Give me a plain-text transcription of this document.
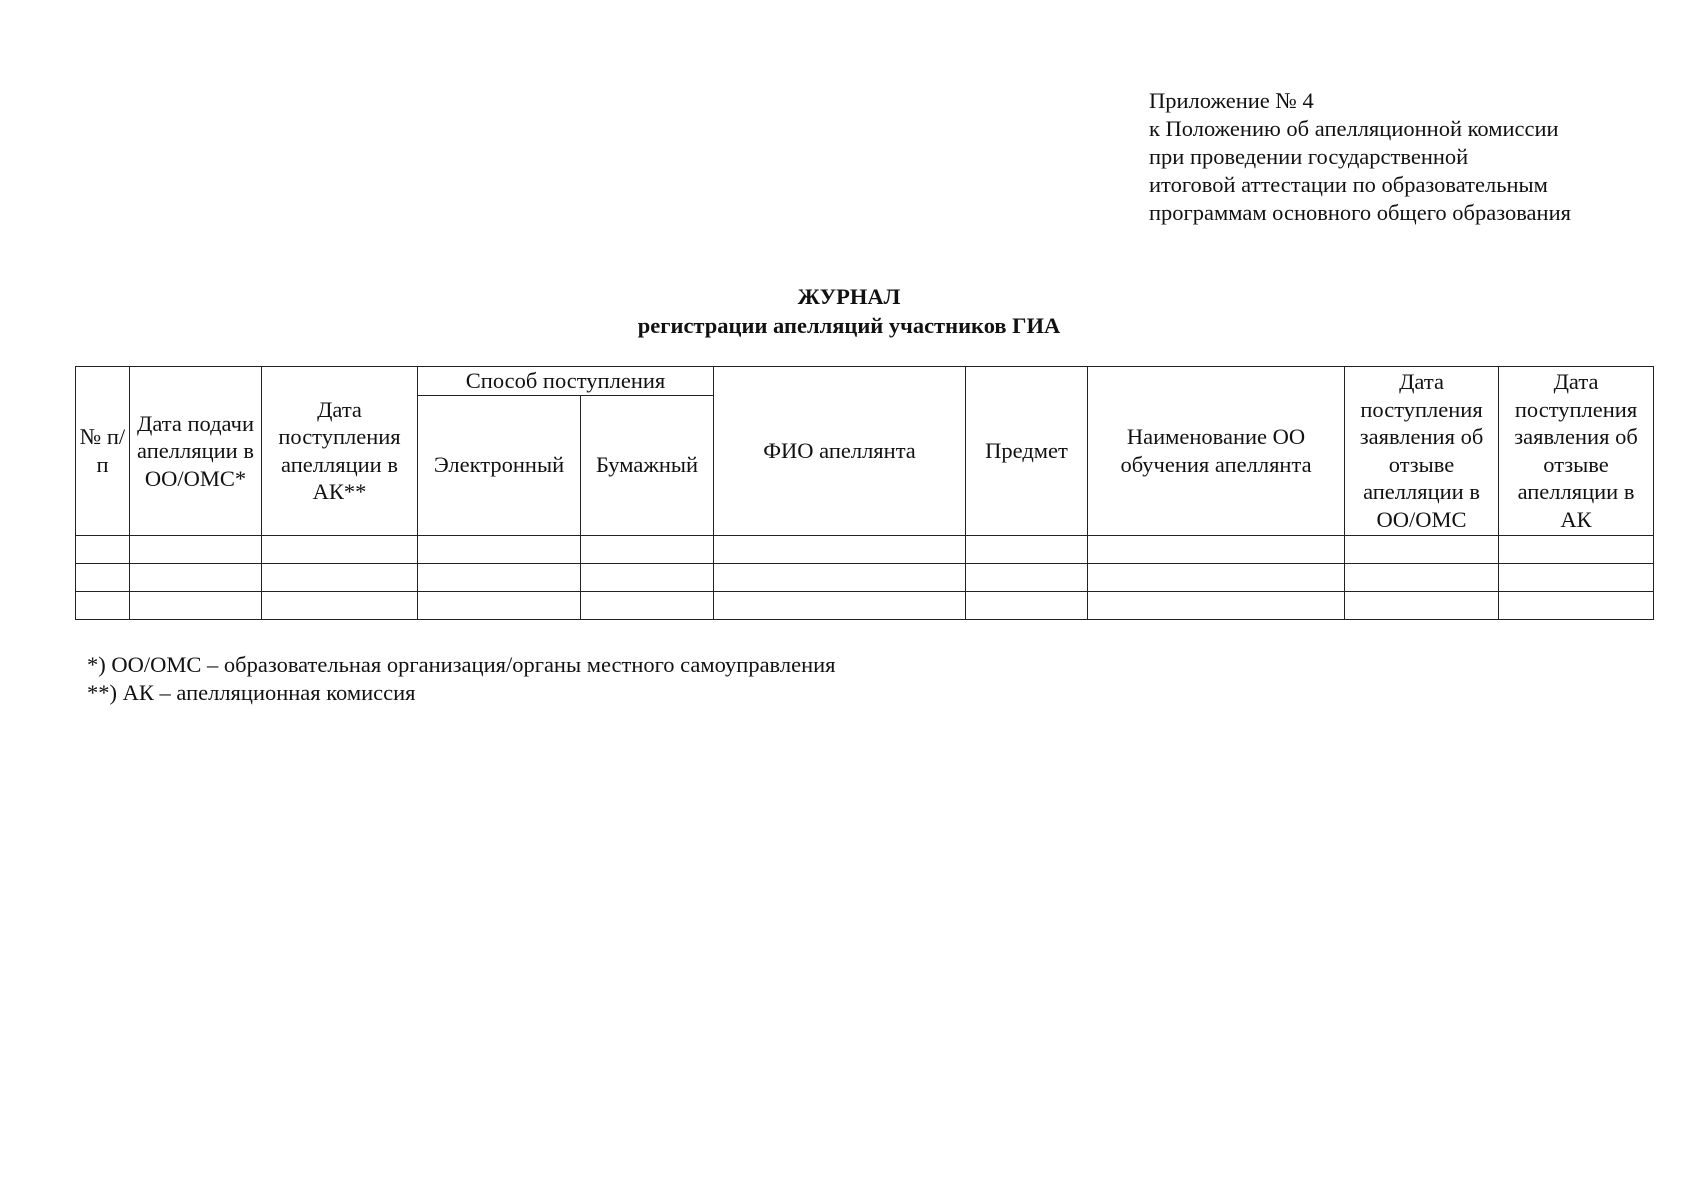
Приложение № 4
к Положению об апелляционной комиссии
при проведении государственной
итоговой аттестации по образовательным
программам основного общего образования
ЖУРНАЛ
регистрации апелляций участников ГИА
№ п/п	Дата подачи апелляции в ОО/ОМС*	Дата поступления апелляции в АК**	Способ поступления		ФИО апеллянта	Предмет	Наименование ОО обучения апеллянта	Дата поступления заявления об отзыве апелляции в ОО/ОМС	Дата поступления заявления об отзыве апелляции в АК
			Электронный	Бумажный					

*) ОО/ОМС – образовательная организация/органы местного самоуправления
**) АК – апелляционная комиссия
